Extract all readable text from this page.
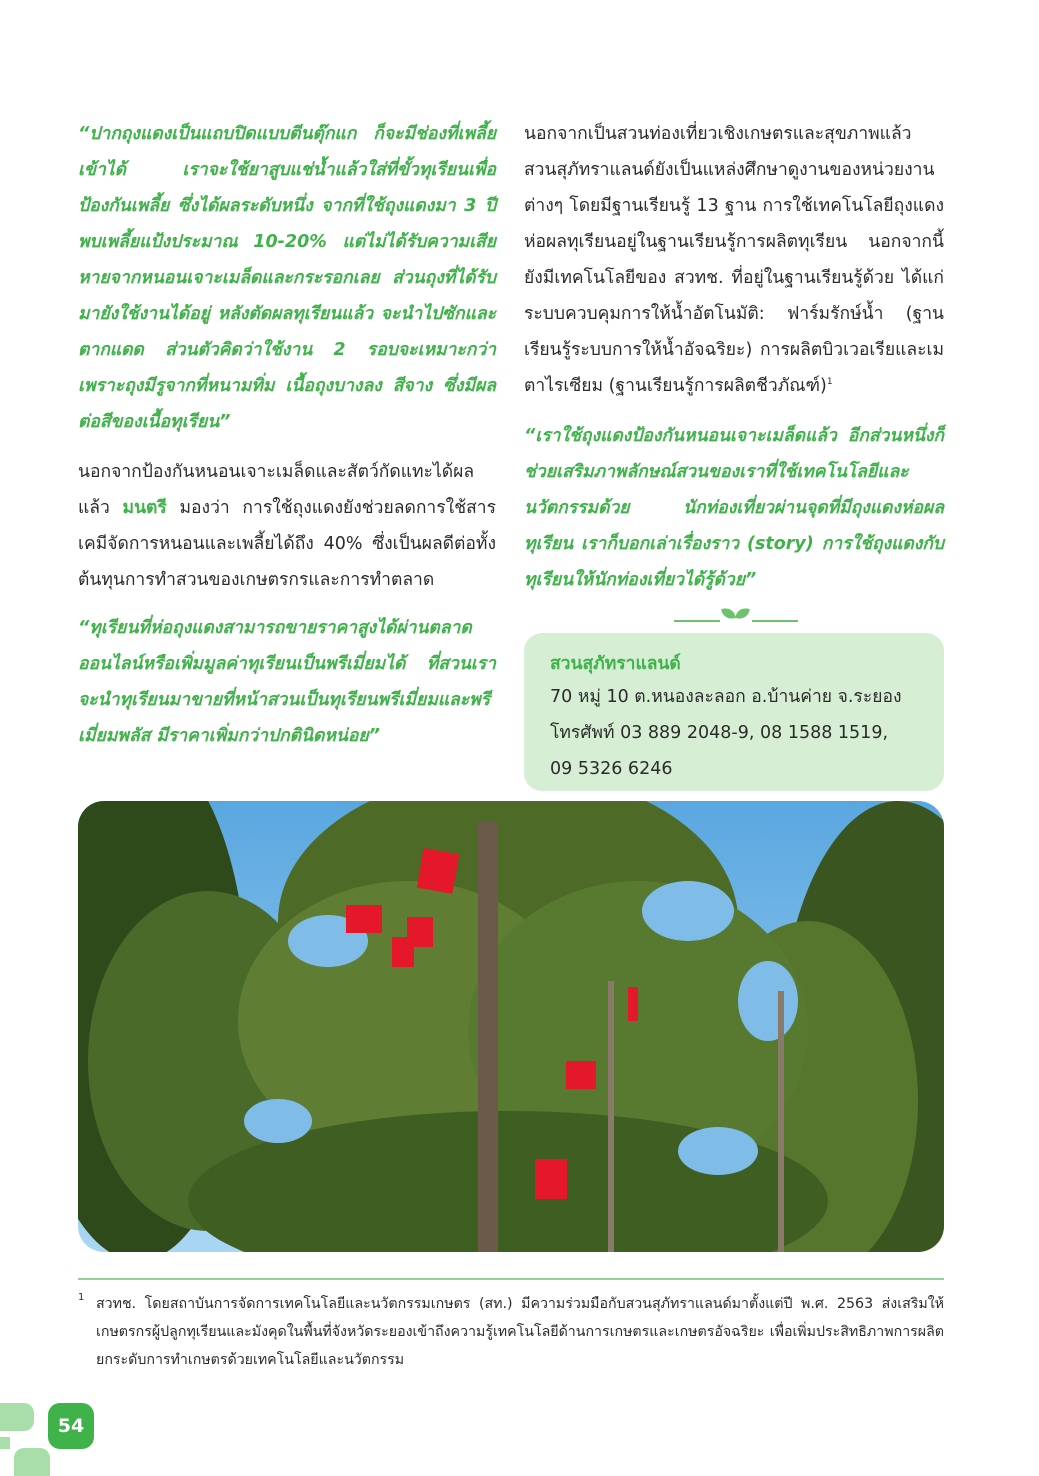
“ปากถุงแดงเป็นแถบปิดแบบตีนตุ๊กแก ก็จะมีช่องที่เพลี้ยเข้าได้ เราจะใช้ยาสูบแช่น้ำแล้วใส่ที่ขั้วทุเรียนเพื่อป้องกันเพลี้ย ซึ่งได้ผลระดับหนึ่ง จากที่ใช้ถุงแดงมา 3 ปี พบเพลี้ยแป้งประมาณ 10-20% แต่ไม่ได้รับความเสียหายจากหนอนเจาะเมล็ดและกระรอกเลย ส่วนถุงที่ได้รับมายังใช้งานได้อยู่ หลังตัดผลทุเรียนแล้ว จะนำไปซักและตากแดด ส่วนตัวคิดว่าใช้งาน 2 รอบจะเหมาะกว่า เพราะถุงมีรูจากที่หนามทิ่ม เนื้อถุงบางลง สีจาง ซึ่งมีผลต่อสีของเนื้อทุเรียน”

นอกจากป้องกันหนอนเจาะเมล็ดและสัตว์กัดแทะได้ผลแล้ว มนตรี มองว่า การใช้ถุงแดงยังช่วยลดการใช้สารเคมีจัดการหนอนและเพลี้ยได้ถึง 40% ซึ่งเป็นผลดีต่อทั้งต้นทุนการทำสวนของเกษตรกรและการทำตลาด

“ทุเรียนที่ห่อถุงแดงสามารถขายราคาสูงได้ผ่านตลาดออนไลน์หรือเพิ่มมูลค่าทุเรียนเป็นพรีเมี่ยมได้ ที่สวนเราจะนำทุเรียนมาขายที่หน้าสวนเป็นทุเรียนพรีเมี่ยมและพรีเมี่ยมพลัส มีราคาเพิ่มกว่าปกตินิดหน่อย”

นอกจากเป็นสวนท่องเที่ยวเชิงเกษตรและสุขภาพแล้ว สวนสุภัทราแลนด์ยังเป็นแหล่งศึกษาดูงานของหน่วยงานต่างๆ โดยมีฐานเรียนรู้ 13 ฐาน การใช้เทคโนโลยีถุงแดงห่อผลทุเรียนอยู่ในฐานเรียนรู้การผลิตทุเรียน นอกจากนี้ยังมีเทคโนโลยีของ สวทช. ที่อยู่ในฐานเรียนรู้ด้วย ได้แก่ ระบบควบคุมการให้น้ำอัตโนมัติ: ฟาร์มรักษ์น้ำ (ฐานเรียนรู้ระบบการให้น้ำอัจฉริยะ) การผลิตบิวเวอเรียและเมตาไรเซียม (ฐานเรียนรู้การผลิตชีวภัณฑ์)$^1$

“เราใช้ถุงแดงป้องกันหนอนเจาะเมล็ดแล้ว อีกส่วนหนึ่งก็ช่วยเสริมภาพลักษณ์สวนของเราที่ใช้เทคโนโลยีและนวัตกรรมด้วย นักท่องเที่ยวผ่านจุดที่มีถุงแดงห่อผลทุเรียน เราก็บอกเล่าเรื่องราว (story) การใช้ถุงแดงกับทุเรียนให้นักท่องเที่ยวได้รู้ด้วย”

สวนสุภัทราแลนด์
70 หมู่ 10 ต.หนองละลอก อ.บ้านค่าย จ.ระยอง
โทรศัพท์ 03 889 2048-9, 08 1588 1519,
09 5326 6246
1 สวทช. โดยสถาบันการจัดการเทคโนโลยีและนวัตกรรมเกษตร (สท.) มีความร่วมมือกับสวนสุภัทราแลนด์มาตั้งแต่ปี พ.ศ. 2563 ส่งเสริมให้เกษตรกรผู้ปลูกทุเรียนและมังคุดในพื้นที่จังหวัดระยองเข้าถึงความรู้เทคโนโลยีด้านการเกษตรและเกษตรอัจฉริยะ เพื่อเพิ่มประสิทธิภาพการผลิตยกระดับการทำเกษตรด้วยเทคโนโลยีและนวัตกรรม
54
